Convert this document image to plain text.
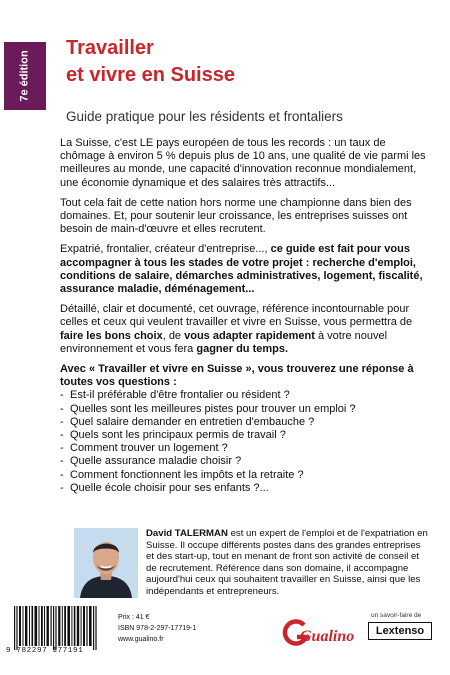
7e édition
Travailler
et vivre en Suisse
Guide pratique pour les résidents et frontaliers

La Suisse, c'est LE pays européen de tous les records : un taux de chômage à environ 5 % depuis plus de 10 ans, une qualité de vie parmi les meilleures au monde, une capacité d'innovation reconnue mondialement, une économie dynamique et des salaires très attractifs...

Tout cela fait de cette nation hors norme une championne dans bien des domaines. Et, pour soutenir leur croissance, les entreprises suisses ont besoin de main-d'œuvre et elles recrutent.

Expatrié, frontalier, créateur d'entreprise..., ce guide est fait pour vous accompagner à tous les stades de votre projet : recherche d'emploi, conditions de salaire, démarches administratives, logement, fiscalité, assurance maladie, déménagement...

Détaillé, clair et documenté, cet ouvrage, référence incontournable pour celles et ceux qui veulent travailler et vivre en Suisse, vous permettra de faire les bons choix, de vous adapter rapidement à votre nouvel environnement et vous fera gagner du temps.

Avec « Travailler et vivre en Suisse », vous trouverez une réponse à toutes vos questions :

- Est-il préférable d'être frontalier ou résident ?
- Quelles sont les meilleures pistes pour trouver un emploi ?
- Quel salaire demander en entretien d'embauche ?
- Quels sont les principaux permis de travail ?
- Comment trouver un logement ?
- Quelle assurance maladie choisir ?
- Comment fonctionnent les impôts et la retraite ?
- Quelle école choisir pour ses enfants ?...
David TALERMAN est un expert de l'emploi et de l'expatriation en Suisse. Il occupe différents postes dans des grandes entreprises et des start-up, tout en menant de front son activité de conseil et de recrutement. Référence dans son domaine, il accompagne aujourd'hui ceux qui souhaitent travailler en Suisse, ainsi que les indépendants et entrepreneurs.
9 782297 177191
Prix : 41 €
ISBN 978-2-297-17719-1
www.gualino.fr	Gualino
un savoir-faire de
Lextenso
